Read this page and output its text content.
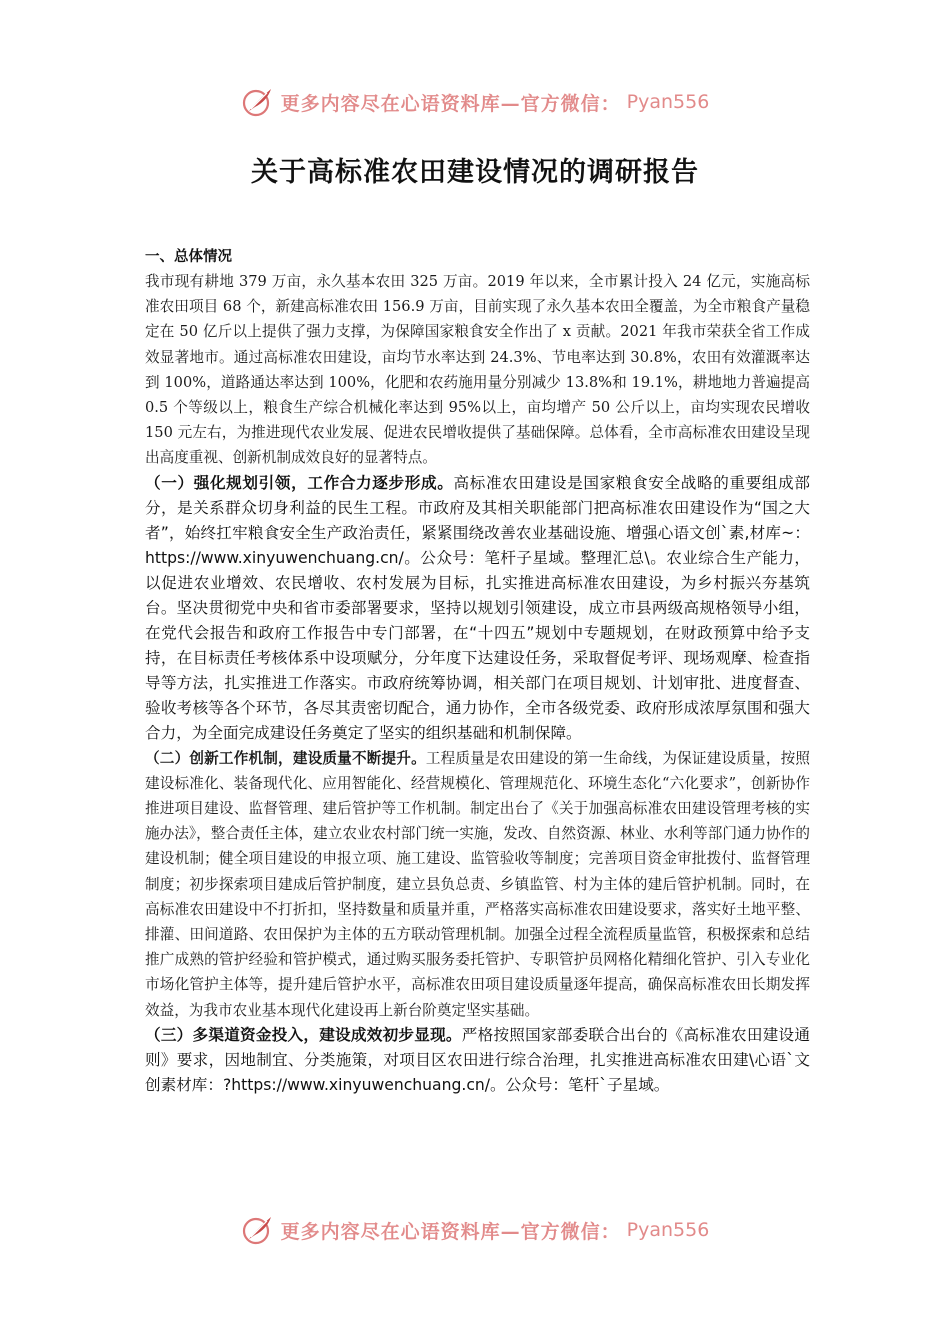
更多内容尽在心语资料库—官方微信： Pyan556
关于高标准农田建设情况的调研报告

一、总体情况

我市现有耕地 379 万亩，永久基本农田 325 万亩。2019 年以来，全市累计投入 24 亿元，实施高标准农田项目 68 个，新建高标准农田 156.9 万亩，目前实现了永久基本农田全覆盖，为全市粮食产量稳定在 50 亿斤以上提供了强力支撑，为保障国家粮食安全作出了 x 贡献。2021 年我市荣获全省工作成效显著地市。通过高标准农田建设，亩均节水率达到 24.3%、节电率达到 30.8%，农田有效灌溉率达到 100%，道路通达率达到 100%，化肥和农药施用量分别减少 13.8%和 19.1%，耕地地力普遍提高 0.5 个等级以上，粮食生产综合机械化率达到 95%以上，亩均增产 50 公斤以上，亩均实现农民增收 150 元左右，为推进现代农业发展、促进农民增收提供了基础保障。总体看，全市高标准农田建设呈现出高度重视、创新机制成效良好的显著特点。

（一）强化规划引领，工作合力逐步形成。高标准农田建设是国家粮食安全战略的重要组成部分，是关系群众切身利益的民生工程。市政府及其相关职能部门把高标准农田建设作为“国之大者”，始终扛牢粮食安全生产政治责任，紧紧围绕改善农业基础设施、增强心语文创`素,材库~：https://www.xinyuwenchuang.cn/。公众号：笔杆子星域。整理汇总\。农业综合生产能力，以促进农业增效、农民增收、农村发展为目标，扎实推进高标准农田建设，为乡村振兴夯基筑台。坚决贯彻党中央和省市委部署要求，坚持以规划引领建设，成立市县两级高规格领导小组，在党代会报告和政府工作报告中专门部署，在“十四五”规划中专题规划，在财政预算中给予支持，在目标责任考核体系中设项赋分，分年度下达建设任务，采取督促考评、现场观摩、检查指导等方法，扎实推进工作落实。市政府统筹协调，相关部门在项目规划、计划审批、进度督查、验收考核等各个环节，各尽其责密切配合，通力协作，全市各级党委、政府形成浓厚氛围和强大合力，为全面完成建设任务奠定了坚实的组织基础和机制保障。

（二）创新工作机制，建设质量不断提升。工程质量是农田建设的第一生命线，为保证建设质量，按照建设标准化、装备现代化、应用智能化、经营规模化、管理规范化、环境生态化“六化要求”，创新协作推进项目建设、监督管理、建后管护等工作机制。制定出台了《关于加强高标准农田建设管理考核的实施办法》，整合责任主体，建立农业农村部门统一实施，发改、自然资源、林业、水利等部门通力协作的建设机制；健全项目建设的申报立项、施工建设、监管验收等制度；完善项目资金审批拨付、监督管理制度；初步探索项目建成后管护制度，建立县负总责、乡镇监管、村为主体的建后管护机制。同时，在高标准农田建设中不打折扣，坚持数量和质量并重，严格落实高标准农田建设要求，落实好土地平整、排灌、田间道路、农田保护为主体的五方联动管理机制。加强全过程全流程质量监管，积极探索和总结推广成熟的管护经验和管护模式，通过购买服务委托管护、专职管护员网格化精细化管护、引入专业化市场化管护主体等，提升建后管护水平，高标准农田项目建设质量逐年提高，确保高标准农田长期发挥效益，为我市农业基本现代化建设再上新台阶奠定坚实基础。

（三）多渠道资金投入，建设成效初步显现。严格按照国家部委联合出台的《高标准农田建设通则》要求，因地制宜、分类施策，对项目区农田进行综合治理，扎实推进高标准农田建\心语`文创素材库：?https://www.xinyuwenchuang.cn/。公众号：笔杆`子星域。

更多内容尽在心语资料库—官方微信： Pyan556
